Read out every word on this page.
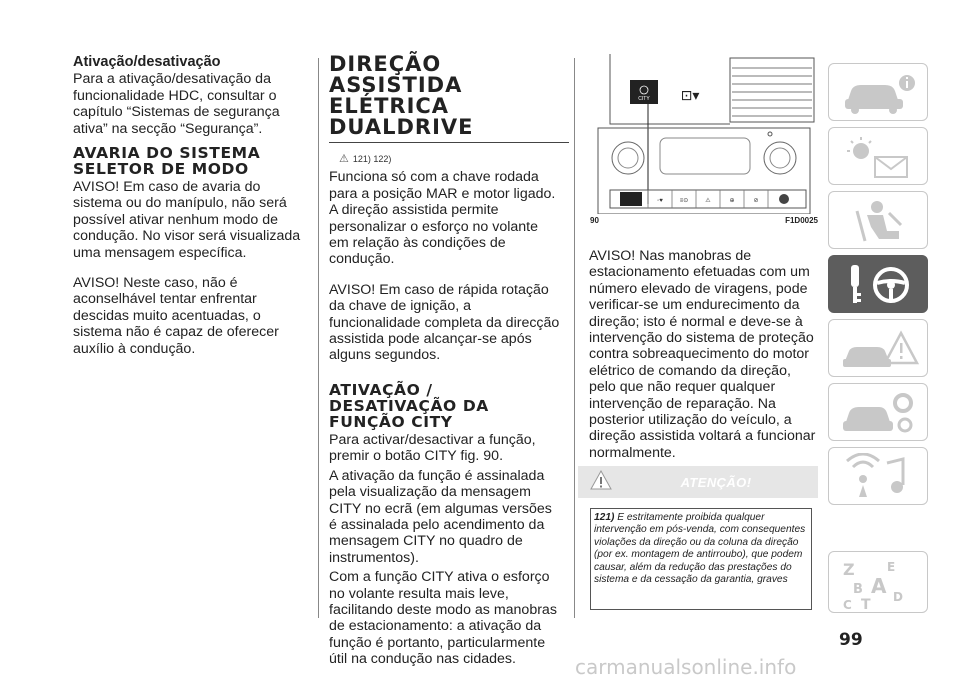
Ativação/desativação

Para a ativação/desativação da funcionalidade HDC, consultar o capítulo “Sistemas de segurança ativa” na secção “Segurança”.

AVARIA DO SISTEMA SELETOR DE MODO

AVISO! Em caso de avaria do sistema ou do manípulo, não será possível ativar nenhum modo de condução. No visor será visualizada uma mensagem específica.

AVISO! Neste caso, não é aconselhável tentar enfrentar descidas muito acentuadas, o sistema não é capaz de oferecer auxílio à condução.

DIREÇÃO ASSISTIDA
ELÉTRICA
DUALDRIVE
⚠ 121) 122)

Funciona só com a chave rodada para a posição MAR e motor ligado. A direção assistida permite personalizar o esforço no volante em relação às condições de condução.

AVISO! Em caso de rápida rotação da chave de ignição, a funcionalidade completa da direcção assistida pode alcançar-se após alguns segundos.

ATIVAÇÃO / DESATIVAÇÃO DA FUNÇÃO CITY

Para activar/desactivar a função, premir o botão CITY fig. 90.

A ativação da função é assinalada pela visualização da mensagem CITY no ecrã (em algumas versões é assinalada pelo acendimento da mensagem CITY no quadro de instrumentos).

Com a função CITY ativa o esforço no volante resulta mais leve, facilitando deste modo as manobras de estacionamento: a ativação da função é portanto, particularmente útil na condução nas cidades.

CITY ⊡▾
◦♥	≡⊙	⚠	⊕	⊘
90	F1D0025

AVISO! Nas manobras de estacionamento efetuadas com um número elevado de viragens, pode verificar-se um endurecimento da direção; isto é normal e deve-se à intervenção do sistema de proteção contra sobreaquecimento do motor elétrico de comando da direção, pelo que não requer qualquer intervenção de reparação. Na posterior utilização do veículo, a direção assistida voltará a funcionar normalmente.

ATENÇÃO!
121) E estritamente proibida qualquer intervenção em pós-venda, com consequentes violações da direção ou da coluna da direção (por ex. montagem de antirroubo), que podem causar, além da redução das prestações do sistema e da cessação da garantia, graves
Z	E
B A
C T D
99
carmanualsonline.info
